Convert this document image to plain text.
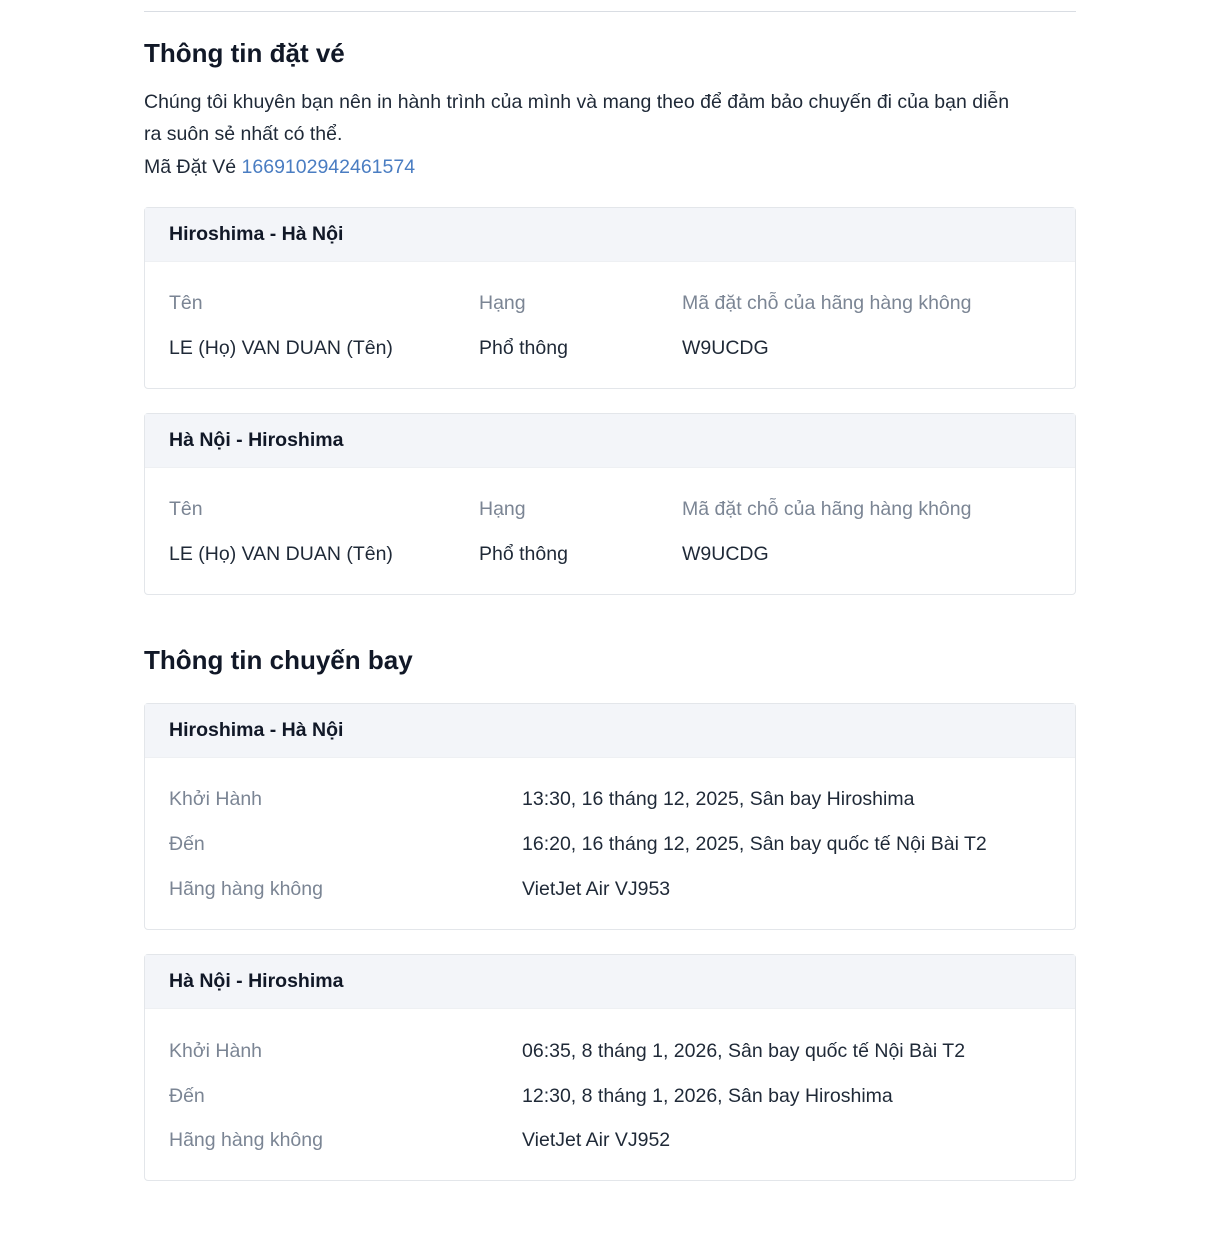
Thông tin đặt vé

Chúng tôi khuyên bạn nên in hành trình của mình và mang theo để đảm bảo chuyến đi của bạn diễn
ra suôn sẻ nhất có thể.

Mã Đặt Vé 1669102942461574
Hiroshima - Hà Nội
Tên	Hạng	Mã đặt chỗ của hãng hàng không
LE (Họ) VAN DUAN (Tên)	Phổ thông	W9UCDG
Hà Nội - Hiroshima
Tên	Hạng	Mã đặt chỗ của hãng hàng không
LE (Họ) VAN DUAN (Tên)	Phổ thông	W9UCDG
Thông tin chuyến bay
Hiroshima - Hà Nội
Khởi Hành	13:30, 16 tháng 12, 2025, Sân bay Hiroshima
Đến	16:20, 16 tháng 12, 2025, Sân bay quốc tế Nội Bài T2
Hãng hàng không	VietJet Air VJ953
Hà Nội - Hiroshima
Khởi Hành	06:35, 8 tháng 1, 2026, Sân bay quốc tế Nội Bài T2
Đến	12:30, 8 tháng 1, 2026, Sân bay Hiroshima
Hãng hàng không	VietJet Air VJ952
